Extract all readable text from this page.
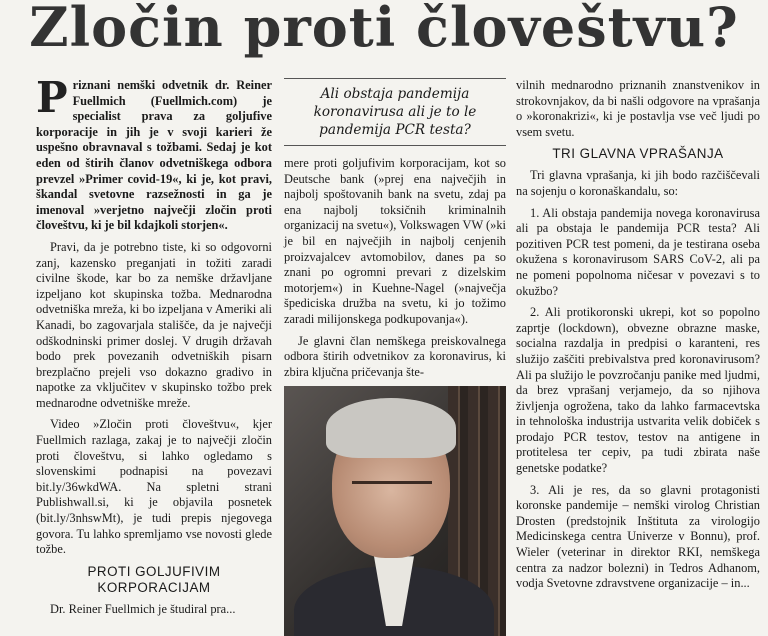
Zločin proti človeštvu?

Priznani nemški odvetnik dr. Reiner Fuellmich (Fuellmich.com) je specialist prava za goljufive korporacije in jih je v svoji karieri že uspešno obravnaval s tožbami. Sedaj je kot eden od štirih članov odvetniškega odbora prevzel »Primer covid-19«, ki je, kot pravi, škandal svetovne razsežnosti in ga je imenoval »verjetno največji zločin proti človeštvu, ki je bil kdajkoli storjen«.

Pravi, da je potrebno tiste, ki so odgovorni zanj, kazensko preganjati in tožiti zaradi civilne škode, kar bo za nemške državljane izpeljano kot skupinska tožba. Mednarodna odvetniška mreža, ki bo izpeljana v Ameriki ali Kanadi, bo zagovarjala stališče, da je največji odškodninski primer doslej. V drugih državah bodo prek povezanih odvetniških pisarn brezplačno prejeli vso dokazno gradivo in napotke za vključitev v skupinsko tožbo prek mednarodne odvetniške mreže.

Video »Zločin proti človeštvu«, kjer Fuellmich razlaga, zakaj je to največji zločin proti človeštvu, si lahko ogledamo s slovenskimi podnapisi na povezavi bit.ly/36wkdWA. Na spletni strani Publishwall.si, ki je objavila posnetek (bit.ly/3nhswMt), je tudi prepis njegovega govora. Tu lahko spremljamo vse novosti glede tožbe.

PROTI GOLJUFIVIM KORPORACIJAM

Dr. Reiner Fuellmich je študiral pra...

Ali obstaja pandemija koronavirusa ali je to le pandemija PCR testa?

mere proti goljufivim korporacijam, kot so Deutsche bank (»prej ena največjih in najbolj spoštovanih bank na svetu, zdaj pa ena najbolj toksičnih kriminalnih organizacij na svetu«), Volkswagen VW (»ki je bil en največjih in najbolj cenjenih proizvajalcev avtomobilov, danes pa so znani po ogromni prevari z dizelskim motorjem«) in Kuehne-Nagel (»največja špediciska družba na svetu, ki jo tožimo zaradi milijonskega podkupovanja«).

Je glavni član nemškega preiskovalnega odbora štirih odvetnikov za koronavirus, ki zbira ključna pričevanja šte-

vilnih mednarodno priznanih znanstvenikov in strokovnjakov, da bi našli odgovore na vprašanja o »koronakrizi«, ki je postavlja vse več ljudi po vsem svetu.

TRI GLAVNA VPRAŠANJA

Tri glavna vprašanja, ki jih bodo razčiščevali na sojenju o koronaškandalu, so:

1. Ali obstaja pandemija novega koronavirusa ali pa obstaja le pandemija PCR testa? Ali pozitiven PCR test pomeni, da je testirana oseba okužena s koronavirusom SARS CoV-2, ali pa ne pomeni popolnoma ničesar v povezavi s to okužbo?

2. Ali protikoronski ukrepi, kot so popolno zaprtje (lockdown), obvezne obrazne maske, socialna razdalja in predpisi o karanteni, res služijo zaščiti prebivalstva pred koronavirusom? Ali pa služijo le povzročanju panike med ljudmi, da brez vprašanj verjamejo, da so njihova življenja ogrožena, tako da lahko farmacevtska in tehnološka industrija ustvarita velik dobiček s prodajo PCR testov, testov na antigene in protitelesa ter cepiv, pa tudi zbirata naše genetske podatke?

3. Ali je res, da so glavni protagonisti koronske pandemije – nemški virolog Christian Drosten (predstojnik Inštituta za virologijo Medicinskega centra Univerze v Bonnu), prof. Wieler (veterinar in direktor RKI, nemškega centra za nadzor bolezni) in Tedros Adhanom, vodja Svetovne zdravstvene organizacije – in...
